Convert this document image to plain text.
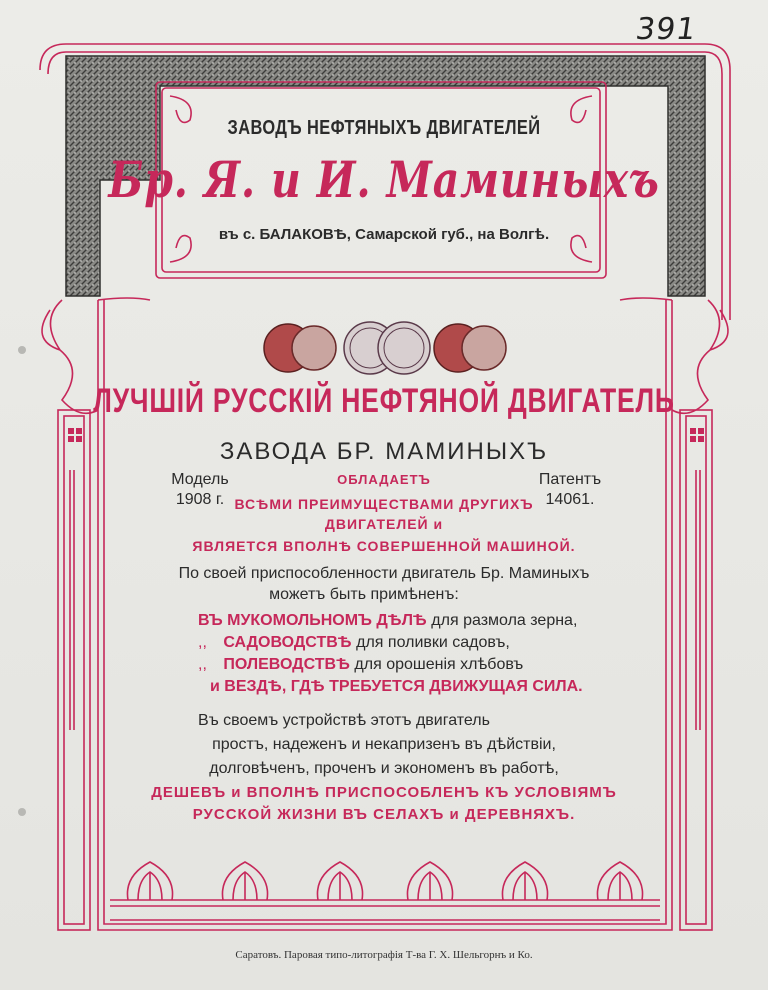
391
ЗАВОДЪ НЕФТЯНЫХЪ ДВИГАТЕЛЕЙ
Бр. Я. и И. Маминыхъ
въ с. БАЛАКОВѢ, Самарской губ., на Волгѣ.
ЛУЧШІЙ РУССКІЙ НЕФТЯНОЙ ДВИГАТЕЛЬ
ЗАВОДА БР. МАМИНЫХЪ
Модель
1908 г.
Патентъ
14061.
ОБЛАДАЕТЪ
ВСѢМИ ПРЕИМУЩЕСТВАМИ ДРУГИХЪ
ДВИГАТЕЛЕЙ и
ЯВЛЯЕТСЯ ВПОЛНѢ СОВЕРШЕННОЙ МАШИНОЙ.
По своей приспособленности двигатель Бр. Маминыхъ
можетъ быть примѣненъ:
ВЪ МУКОМОЛЬНОМЪ ДѢЛѢ для размола зерна,
,, САДОВОДСТВѢ для поливки садовъ,
,, ПОЛЕВОДСТВѢ для орошенія хлѣбовъ
и ВЕЗДѢ, ГДѢ ТРЕБУЕТСЯ ДВИЖУЩАЯ СИЛА.
Въ своемъ устройствѣ этотъ двигатель
простъ, надеженъ и некапризенъ въ дѣйствіи,
долговѣченъ, проченъ и экономенъ въ работѣ,
ДЕШЕВЪ и ВПОЛНѢ ПРИСПОСОБЛЕНЪ КЪ УСЛОВІЯМЪ
РУССКОЙ ЖИЗНИ ВЪ СЕЛАХЪ и ДЕРЕВНЯХЪ.
Саратовъ. Паровая типо-литографія Т-ва Г. Х. Шельгорнъ и Ко.
